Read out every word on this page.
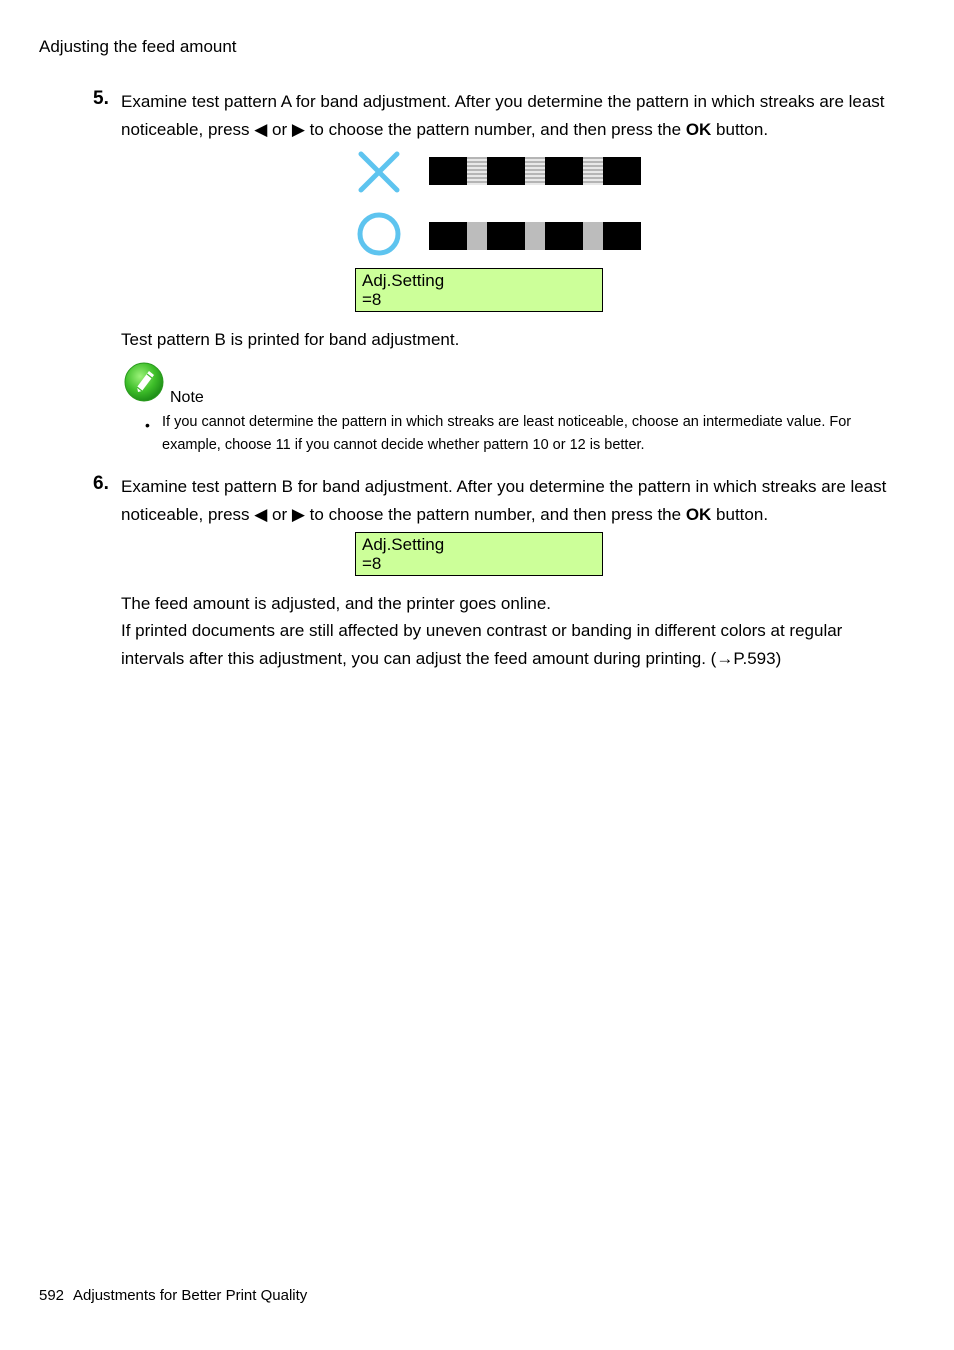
Adjusting the feed amount
5. Examine test pattern A for band adjustment. After you determine the pattern in which streaks are least noticeable, press ◀ or ▶ to choose the pattern number, and then press the OK button.
Adj.Setting
=8
Test pattern B is printed for band adjustment.
Note
• If you cannot determine the pattern in which streaks are least noticeable, choose an intermediate value. For example, choose 11 if you cannot decide whether pattern 10 or 12 is better.
6. Examine test pattern B for band adjustment. After you determine the pattern in which streaks are least noticeable, press ◀ or ▶ to choose the pattern number, and then press the OK button.
Adj.Setting
=8
The feed amount is adjusted, and the printer goes online.
If printed documents are still affected by uneven contrast or banding in different colors at regular intervals after this adjustment, you can adjust the feed amount during printing. (→P.593)
592 Adjustments for Better Print Quality
